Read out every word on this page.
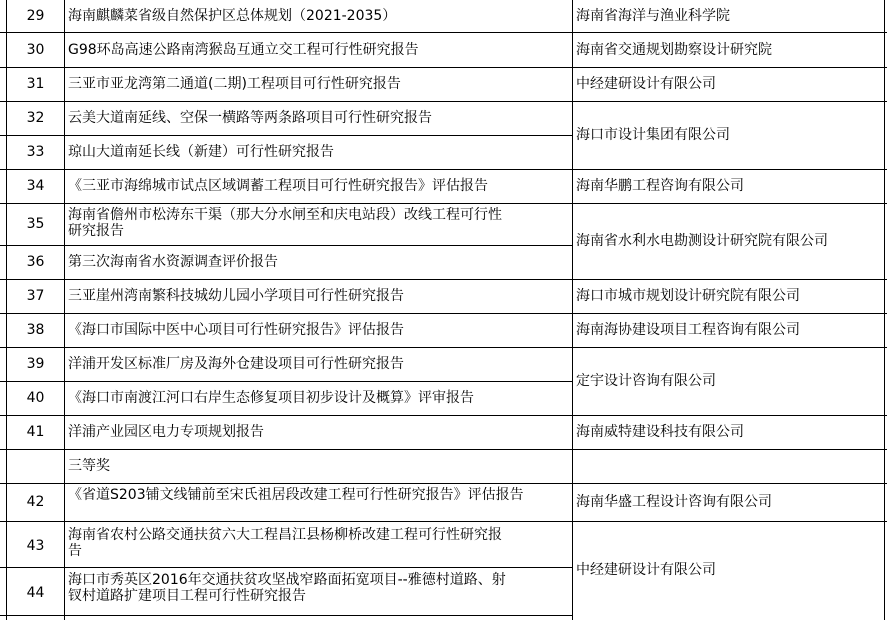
29
30
31
32
33
34
35
36
37
38
39
40
41
42
43
44
海南麒麟菜省级自然保护区总体规划（2021-2035）
G98环岛高速公路南湾猴岛互通立交工程可行性研究报告
三亚市亚龙湾第二通道(二期)工程项目可行性研究报告
云美大道南延线、空保一横路等两条路项目可行性研究报告
琼山大道南延长线（新建）可行性研究报告
《三亚市海绵城市试点区域调蓄工程项目可行性研究报告》评估报告
海南省儋州市松涛东干渠（那大分水闸至和庆电站段）改线工程可行性
研究报告
第三次海南省水资源调查评价报告
三亚崖州湾南繁科技城幼儿园小学项目可行性研究报告
《海口市国际中医中心项目可行性研究报告》评估报告
洋浦开发区标准厂房及海外仓建设项目可行性研究报告
《海口市南渡江河口右岸生态修复项目初步设计及概算》评审报告
洋浦产业园区电力专项规划报告
三等奖
《省道S203铺文线铺前至宋氏祖居段改建工程可行性研究报告》评估报告
海南省农村公路交通扶贫六大工程昌江县杨柳桥改建工程可行性研究报
告
海口市秀英区2016年交通扶贫攻坚战窄路面拓宽项目--雅德村道路、射
钗村道路扩建项目工程可行性研究报告
海南省海洋与渔业科学院
海南省交通规划勘察设计研究院
中经建研设计有限公司
海口市设计集团有限公司
海南华鹏工程咨询有限公司
海南省水利水电勘测设计研究院有限公司
海口市城市规划设计研究院有限公司
海南海协建设项目工程咨询有限公司
定宇设计咨询有限公司
海南威特建设科技有限公司
海南华盛工程设计咨询有限公司
中经建研设计有限公司
